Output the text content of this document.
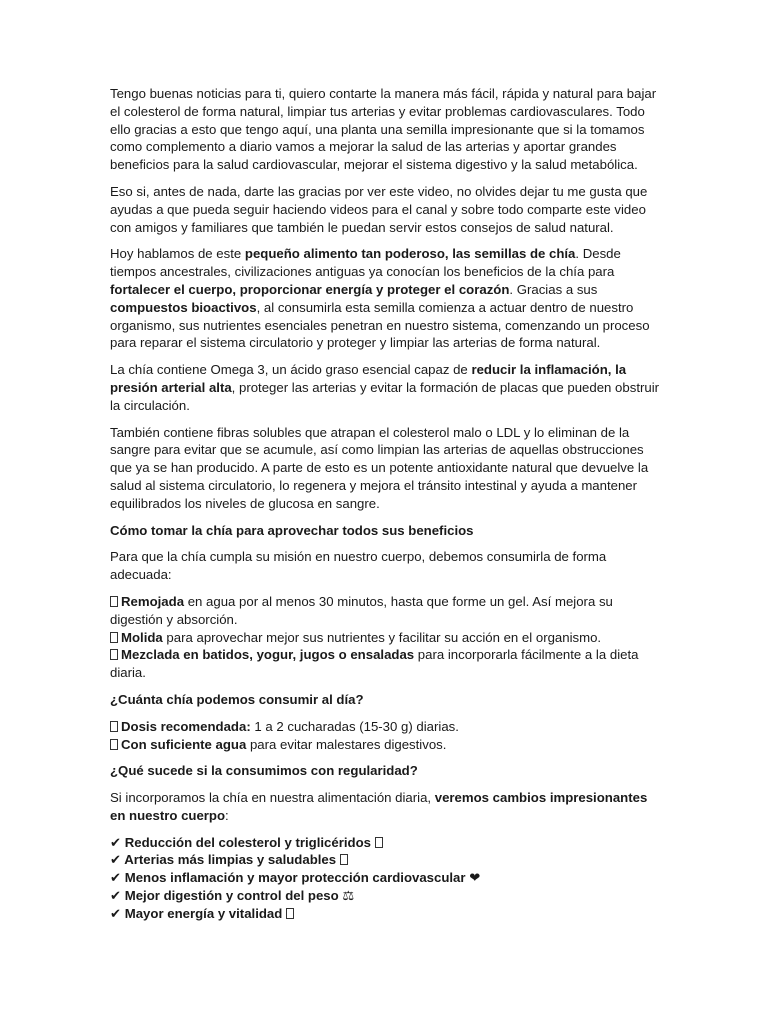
Tengo buenas noticias para ti, quiero contarte la manera más fácil, rápida y natural para bajar el colesterol de forma natural, limpiar tus arterias y evitar problemas cardiovasculares. Todo ello gracias a esto que tengo aquí, una planta una semilla impresionante que si la tomamos como complemento a diario vamos a mejorar la salud de las arterias y aportar grandes beneficios para la salud cardiovascular, mejorar el sistema digestivo y la salud metabólica.

Eso si, antes de nada, darte las gracias por ver este video, no olvides dejar tu me gusta que ayudas a que pueda seguir haciendo videos para el canal y sobre todo comparte este video con amigos y familiares que también le puedan servir estos consejos de salud natural.

Hoy hablamos de este pequeño alimento tan poderoso, las semillas de chía. Desde tiempos ancestrales, civilizaciones antiguas ya conocían los beneficios de la chía para fortalecer el cuerpo, proporcionar energía y proteger el corazón. Gracias a sus compuestos bioactivos, al consumirla esta semilla comienza a actuar dentro de nuestro organismo, sus nutrientes esenciales penetran en nuestro sistema, comenzando un proceso para reparar el sistema circulatorio y proteger y limpiar las arterias de forma natural.

La chía contiene Omega 3, un ácido graso esencial capaz de reducir la inflamación, la presión arterial alta, proteger las arterias y evitar la formación de placas que pueden obstruir la circulación.

También contiene fibras solubles que atrapan el colesterol malo o LDL y lo eliminan de la sangre para evitar que se acumule, así como limpian las arterias de aquellas obstrucciones que ya se han producido. A parte de esto es un potente antioxidante natural que devuelve la salud al sistema circulatorio, lo regenera y mejora el tránsito intestinal y ayuda a mantener equilibrados los niveles de glucosa en sangre.

Cómo tomar la chía para aprovechar todos sus beneficios

Para que la chía cumpla su misión en nuestro cuerpo, debemos consumirla de forma adecuada:

Remojada en agua por al menos 30 minutos, hasta que forme un gel. Así mejora su digestión y absorción.
Molida para aprovechar mejor sus nutrientes y facilitar su acción en el organismo.
Mezclada en batidos, yogur, jugos o ensaladas para incorporarla fácilmente a la dieta diaria.

¿Cuánta chía podemos consumir al día?

Dosis recomendada: 1 a 2 cucharadas (15-30 g) diarias.
Con suficiente agua para evitar malestares digestivos.

¿Qué sucede si la consumimos con regularidad?

Si incorporamos la chía en nuestra alimentación diaria, veremos cambios impresionantes en nuestro cuerpo:

✔ Reducción del colesterol y triglicéridos
✔ Arterias más limpias y saludables
✔ Menos inflamación y mayor protección cardiovascular ❤
✔ Mejor digestión y control del peso ⚖
✔ Mayor energía y vitalidad
